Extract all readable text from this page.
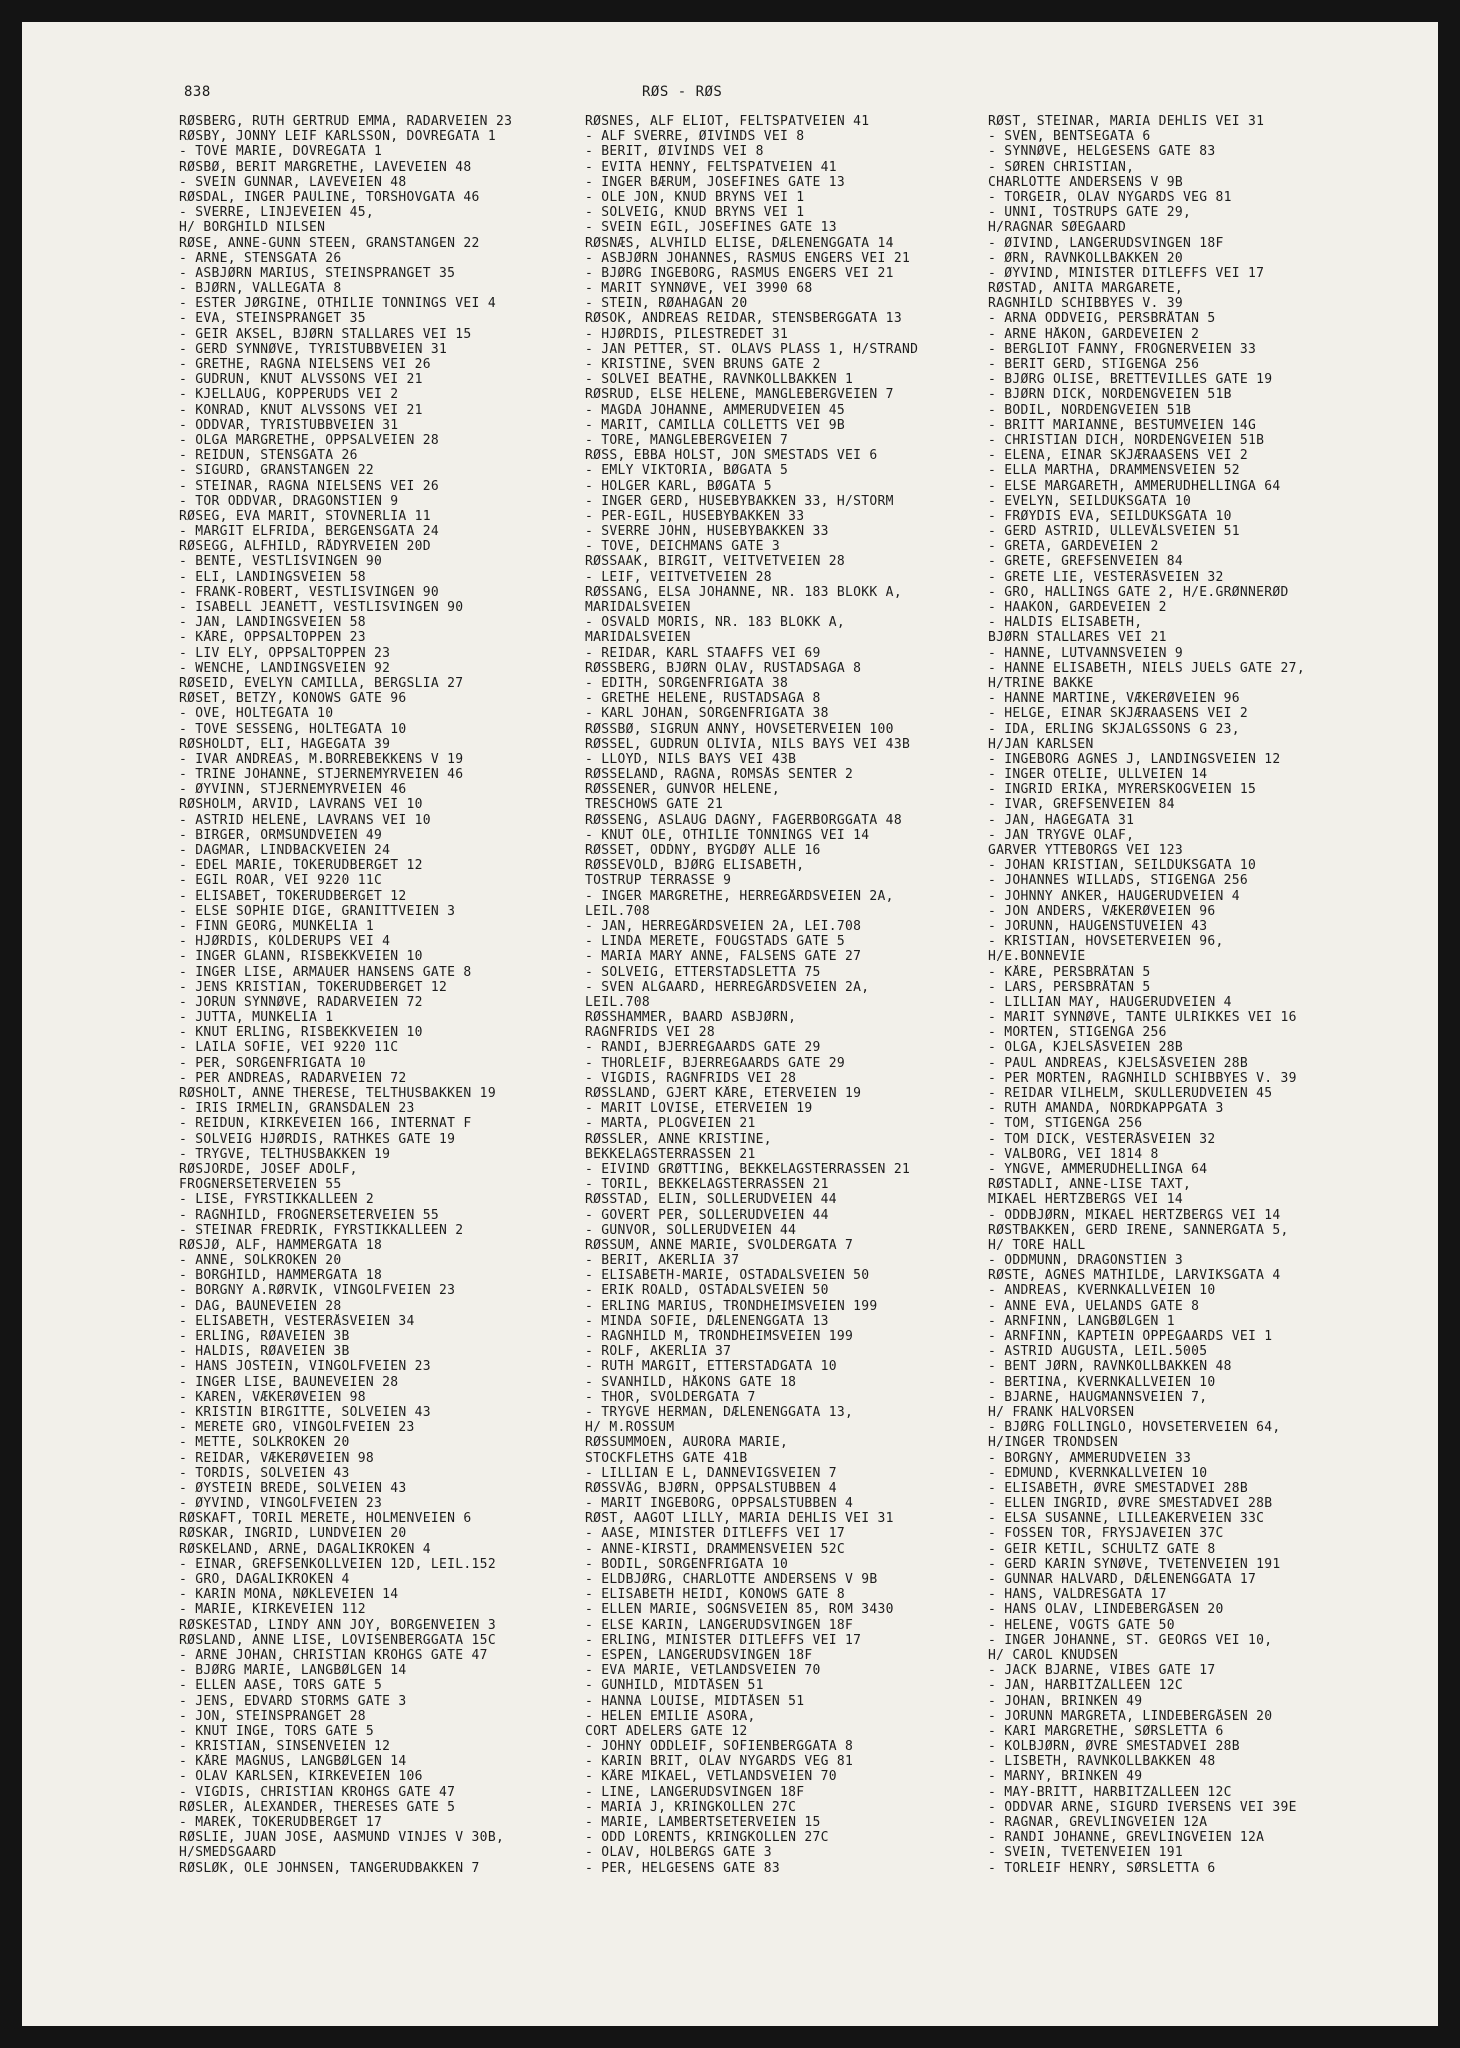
838	RØS - RØS
RØSBERG, RUTH GERTRUD EMMA, RADARVEIEN 23
RØSBY, JONNY LEIF KARLSSON, DOVREGATA 1
- TOVE MARIE, DOVREGATA 1
RØSBØ, BERIT MARGRETHE, LAVEVEIEN 48
- SVEIN GUNNAR, LAVEVEIEN 48
RØSDAL, INGER PAULINE, TORSHOVGATA 46
- SVERRE, LINJEVEIEN 45,
H/ BORGHILD NILSEN
RØSE, ANNE-GUNN STEEN, GRANSTANGEN 22
- ARNE, STENSGATA 26
- ASBJØRN MARIUS, STEINSPRANGET 35
- BJØRN, VALLEGATA 8
- ESTER JØRGINE, OTHILIE TONNINGS VEI 4
- EVA, STEINSPRANGET 35
- GEIR AKSEL, BJØRN STALLARES VEI 15
- GERD SYNNØVE, TYRISTUBBVEIEN 31
- GRETHE, RAGNA NIELSENS VEI 26
- GUDRUN, KNUT ALVSSONS VEI 21
- KJELLAUG, KOPPERUDS VEI 2
- KONRAD, KNUT ALVSSONS VEI 21
- ODDVAR, TYRISTUBBVEIEN 31
- OLGA MARGRETHE, OPPSALVEIEN 28
- REIDUN, STENSGATA 26
- SIGURD, GRANSTANGEN 22
- STEINAR, RAGNA NIELSENS VEI 26
- TOR ODDVAR, DRAGONSTIEN 9
RØSEG, EVA MARIT, STOVNERLIA 11
- MARGIT ELFRIDA, BERGENSGATA 24
RØSEGG, ALFHILD, RÅDYRVEIEN 20D
- BENTE, VESTLISVINGEN 90
- ELI, LANDINGSVEIEN 58
- FRANK-ROBERT, VESTLISVINGEN 90
- ISABELL JEANETT, VESTLISVINGEN 90
- JAN, LANDINGSVEIEN 58
- KÅRE, OPPSALTOPPEN 23
- LIV ELY, OPPSALTOPPEN 23
- WENCHE, LANDINGSVEIEN 92
RØSEID, EVELYN CAMILLA, BERGSLIA 27
RØSET, BETZY, KONOWS GATE 96
- OVE, HOLTEGATA 10
- TOVE SESSENG, HOLTEGATA 10
RØSHOLDT, ELI, HAGEGATA 39
- IVAR ANDREAS, M.BORREBEKKENS V 19
- TRINE JOHANNE, STJERNEMYRVEIEN 46
- ØYVINN, STJERNEMYRVEIEN 46
RØSHOLM, ARVID, LAVRANS VEI 10
- ASTRID HELENE, LAVRANS VEI 10
- BIRGER, ORMSUNDVEIEN 49
- DAGMAR, LINDBACKVEIEN 24
- EDEL MARIE, TOKERUDBERGET 12
- EGIL ROAR, VEI 9220 11C
- ELISABET, TOKERUDBERGET 12
- ELSE SOPHIE DIGE, GRANITTVEIEN 3
- FINN GEORG, MUNKELIA 1
- HJØRDIS, KOLDERUPS VEI 4
- INGER GLANN, RISBEKKVEIEN 10
- INGER LISE, ARMAUER HANSENS GATE 8
- JENS KRISTIAN, TOKERUDBERGET 12
- JORUN SYNNØVE, RADARVEIEN 72
- JUTTA, MUNKELIA 1
- KNUT ERLING, RISBEKKVEIEN 10
- LAILA SOFIE, VEI 9220 11C
- PER, SORGENFRIGATA 10
- PER ANDREAS, RADARVEIEN 72
RØSHOLT, ANNE THERESE, TELTHUSBAKKEN 19
- IRIS IRMELIN, GRANSDALEN 23
- REIDUN, KIRKEVEIEN 166, INTERNAT F
- SOLVEIG HJØRDIS, RATHKES GATE 19
- TRYGVE, TELTHUSBAKKEN 19
RØSJORDE, JOSEF ADOLF,
FROGNERSETERVEIEN 55
- LISE, FYRSTIKKALLEEN 2
- RAGNHILD, FROGNERSETERVEIEN 55
- STEINAR FREDRIK, FYRSTIKKALLEEN 2
RØSJØ, ALF, HAMMERGATA 18
- ANNE, SOLKROKEN 20
- BORGHILD, HAMMERGATA 18
- BORGNY A.RØRVIK, VINGOLFVEIEN 23
- DAG, BAUNEVEIEN 28
- ELISABETH, VESTERÅSVEIEN 34
- ERLING, RØAVEIEN 3B
- HALDIS, RØAVEIEN 3B
- HANS JOSTEIN, VINGOLFVEIEN 23
- INGER LISE, BAUNEVEIEN 28
- KAREN, VÆKERØVEIEN 98
- KRISTIN BIRGITTE, SOLVEIEN 43
- MERETE GRO, VINGOLFVEIEN 23
- METTE, SOLKROKEN 20
- REIDAR, VÆKERØVEIEN 98
- TORDIS, SOLVEIEN 43
- ØYSTEIN BREDE, SOLVEIEN 43
- ØYVIND, VINGOLFVEIEN 23
RØSKAFT, TORIL MERETE, HOLMENVEIEN 6
RØSKAR, INGRID, LUNDVEIEN 20
RØSKELAND, ARNE, DAGALIKROKEN 4
- EINAR, GREFSENKOLLVEIEN 12D, LEIL.152
- GRO, DAGALIKROKEN 4
- KARIN MONA, NØKLEVEIEN 14
- MARIE, KIRKEVEIEN 112
RØSKESTAD, LINDY ANN JOY, BORGENVEIEN 3
RØSLAND, ANNE LISE, LOVISENBERGGATA 15C
- ARNE JOHAN, CHRISTIAN KROHGS GATE 47
- BJØRG MARIE, LANGBØLGEN 14
- ELLEN AASE, TORS GATE 5
- JENS, EDVARD STORMS GATE 3
- JON, STEINSPRANGET 28
- KNUT INGE, TORS GATE 5
- KRISTIAN, SINSENVEIEN 12
- KÅRE MAGNUS, LANGBØLGEN 14
- OLAV KARLSEN, KIRKEVEIEN 106
- VIGDIS, CHRISTIAN KROHGS GATE 47
RØSLER, ALEXANDER, THERESES GATE 5
- MAREK, TOKERUDBERGET 17
RØSLIE, JUAN JOSE, AASMUND VINJES V 30B,
H/SMEDSGAARD
RØSLØK, OLE JOHNSEN, TANGERUDBAKKEN 7
RØSNES, ALF ELIOT, FELTSPATVEIEN 41
- ALF SVERRE, ØIVINDS VEI 8
- BERIT, ØIVINDS VEI 8
- EVITA HENNY, FELTSPATVEIEN 41
- INGER BÆRUM, JOSEFINES GATE 13
- OLE JON, KNUD BRYNS VEI 1
- SOLVEIG, KNUD BRYNS VEI 1
- SVEIN EGIL, JOSEFINES GATE 13
RØSNÆS, ALVHILD ELISE, DÆLENENGGATA 14
- ASBJØRN JOHANNES, RASMUS ENGERS VEI 21
- BJØRG INGEBORG, RASMUS ENGERS VEI 21
- MARIT SYNNØVE, VEI 3990 68
- STEIN, RØAHAGAN 20
RØSOK, ANDREAS REIDAR, STENSBERGGATA 13
- HJØRDIS, PILESTREDET 31
- JAN PETTER, ST. OLAVS PLASS 1, H/STRAND
- KRISTINE, SVEN BRUNS GATE 2
- SOLVEI BEATHE, RAVNKOLLBAKKEN 1
RØSRUD, ELSE HELENE, MANGLEBERGVEIEN 7
- MAGDA JOHANNE, AMMERUDVEIEN 45
- MARIT, CAMILLA COLLETTS VEI 9B
- TORE, MANGLEBERGVEIEN 7
RØSS, EBBA HOLST, JON SMESTADS VEI 6
- EMLY VIKTORIA, BØGATA 5
- HOLGER KARL, BØGATA 5
- INGER GERD, HUSEBYBAKKEN 33, H/STORM
- PER-EGIL, HUSEBYBAKKEN 33
- SVERRE JOHN, HUSEBYBAKKEN 33
- TOVE, DEICHMANS GATE 3
RØSSAAK, BIRGIT, VEITVETVEIEN 28
- LEIF, VEITVETVEIEN 28
RØSSANG, ELSA JOHANNE, NR. 183 BLOKK A,
MARIDALSVEIEN
- OSVALD MORIS, NR. 183 BLOKK A,
MARIDALSVEIEN
- REIDAR, KARL STAAFFS VEI 69
RØSSBERG, BJØRN OLAV, RUSTADSAGA 8
- EDITH, SORGENFRIGATA 38
- GRETHE HELENE, RUSTADSAGA 8
- KARL JOHAN, SORGENFRIGATA 38
RØSSBØ, SIGRUN ANNY, HOVSETERVEIEN 100
RØSSEL, GUDRUN OLIVIA, NILS BAYS VEI 43B
- LLOYD, NILS BAYS VEI 43B
RØSSELAND, RAGNA, ROMSÅS SENTER 2
RØSSENER, GUNVOR HELENE,
TRESCHOWS GATE 21
RØSSENG, ASLAUG DAGNY, FAGERBORGGATA 48
- KNUT OLE, OTHILIE TONNINGS VEI 14
RØSSET, ODDNY, BYGDØY ALLE 16
RØSSEVOLD, BJØRG ELISABETH,
TOSTRUP TERRASSE 9
- INGER MARGRETHE, HERREGÅRDSVEIEN 2A,
LEIL.708
- JAN, HERREGÅRDSVEIEN 2A, LEI.708
- LINDA MERETE, FOUGSTADS GATE 5
- MARIA MARY ANNE, FALSENS GATE 27
- SOLVEIG, ETTERSTADSLETTA 75
- SVEN ALGAARD, HERREGÅRDSVEIEN 2A,
LEIL.708
RØSSHAMMER, BAARD ASBJØRN,
RAGNFRIDS VEI 28
- RANDI, BJERREGAARDS GATE 29
- THORLEIF, BJERREGAARDS GATE 29
- VIGDIS, RAGNFRIDS VEI 28
RØSSLAND, GJERT KÅRE, ETERVEIEN 19
- MARIT LOVISE, ETERVEIEN 19
- MARTA, PLOGVEIEN 21
RØSSLER, ANNE KRISTINE,
BEKKELAGSTERRASSEN 21
- EIVIND GRØTTING, BEKKELAGSTERRASSEN 21
- TORIL, BEKKELAGSTERRASSEN 21
RØSSTAD, ELIN, SOLLERUDVEIEN 44
- GOVERT PER, SOLLERUDVEIEN 44
- GUNVOR, SOLLERUDVEIEN 44
RØSSUM, ANNE MARIE, SVOLDERGATA 7
- BERIT, AKERLIA 37
- ELISABETH-MARIE, OSTADALSVEIEN 50
- ERIK ROALD, OSTADALSVEIEN 50
- ERLING MARIUS, TRONDHEIMSVEIEN 199
- MINDA SOFIE, DÆLENENGGATA 13
- RAGNHILD M, TRONDHEIMSVEIEN 199
- ROLF, AKERLIA 37
- RUTH MARGIT, ETTERSTADGATA 10
- SVANHILD, HÅKONS GATE 18
- THOR, SVOLDERGATA 7
- TRYGVE HERMAN, DÆLENENGGATA 13,
H/ M.ROSSUM
RØSSUMMOEN, AURORA MARIE,
STOCKFLETHS GATE 41B
- LILLIAN E L, DANNEVIGSVEIEN 7
RØSSVÅG, BJØRN, OPPSALSTUBBEN 4
- MARIT INGEBORG, OPPSALSTUBBEN 4
RØST, AAGOT LILLY, MARIA DEHLIS VEI 31
- AASE, MINISTER DITLEFFS VEI 17
- ANNE-KIRSTI, DRAMMENSVEIEN 52C
- BODIL, SORGENFRIGATA 10
- ELDBJØRG, CHARLOTTE ANDERSENS V 9B
- ELISABETH HEIDI, KONOWS GATE 8
- ELLEN MARIE, SOGNSVEIEN 85, ROM 3430
- ELSE KARIN, LANGERUDSVINGEN 18F
- ERLING, MINISTER DITLEFFS VEI 17
- ESPEN, LANGERUDSVINGEN 18F
- EVA MARIE, VETLANDSVEIEN 70
- GUNHILD, MIDTÅSEN 51
- HANNA LOUISE, MIDTÅSEN 51
- HELEN EMILIE ASORA,
CORT ADELERS GATE 12
- JOHNY ODDLEIF, SOFIENBERGGATA 8
- KARIN BRIT, OLAV NYGARDS VEG 81
- KÅRE MIKAEL, VETLANDSVEIEN 70
- LINE, LANGERUDSVINGEN 18F
- MARIA J, KRINGKOLLEN 27C
- MARIE, LAMBERTSETERVEIEN 15
- ODD LORENTS, KRINGKOLLEN 27C
- OLAV, HOLBERGS GATE 3
- PER, HELGESENS GATE 83
RØST, STEINAR, MARIA DEHLIS VEI 31
- SVEN, BENTSEGATA 6
- SYNNØVE, HELGESENS GATE 83
- SØREN CHRISTIAN,
CHARLOTTE ANDERSENS V 9B
- TORGEIR, OLAV NYGARDS VEG 81
- UNNI, TOSTRUPS GATE 29,
H/RAGNAR SØEGAARD
- ØIVIND, LANGERUDSVINGEN 18F
- ØRN, RAVNKOLLBAKKEN 20
- ØYVIND, MINISTER DITLEFFS VEI 17
RØSTAD, ANITA MARGARETE,
RAGNHILD SCHIBBYES V. 39
- ARNA ODDVEIG, PERSBRÅTAN 5
- ARNE HÅKON, GARDEVEIEN 2
- BERGLIOT FANNY, FROGNERVEIEN 33
- BERIT GERD, STIGENGA 256
- BJØRG OLISE, BRETTEVILLES GATE 19
- BJØRN DICK, NORDENGVEIEN 51B
- BODIL, NORDENGVEIEN 51B
- BRITT MARIANNE, BESTUMVEIEN 14G
- CHRISTIAN DICH, NORDENGVEIEN 51B
- ELENA, EINAR SKJÆRAASENS VEI 2
- ELLA MARTHA, DRAMMENSVEIEN 52
- ELSE MARGARETH, AMMERUDHELLINGA 64
- EVELYN, SEILDUKSGATA 10
- FRØYDIS EVA, SEILDUKSGATA 10
- GERD ASTRID, ULLEVÅLSVEIEN 51
- GRETA, GARDEVEIEN 2
- GRETE, GREFSENVEIEN 84
- GRETE LIE, VESTERÅSVEIEN 32
- GRO, HALLINGS GATE 2, H/E.GRØNNERØD
- HAAKON, GARDEVEIEN 2
- HALDIS ELISABETH,
BJØRN STALLARES VEI 21
- HANNE, LUTVANNSVEIEN 9
- HANNE ELISABETH, NIELS JUELS GATE 27,
H/TRINE BAKKE
- HANNE MARTINE, VÆKERØVEIEN 96
- HELGE, EINAR SKJÆRAASENS VEI 2
- IDA, ERLING SKJALGSSONS G 23,
H/JAN KARLSEN
- INGEBORG AGNES J, LANDINGSVEIEN 12
- INGER OTELIE, ULLVEIEN 14
- INGRID ERIKA, MYRERSKOGVEIEN 15
- IVAR, GREFSENVEIEN 84
- JAN, HAGEGATA 31
- JAN TRYGVE OLAF,
GARVER YTTEBORGS VEI 123
- JOHAN KRISTIAN, SEILDUKSGATA 10
- JOHANNES WILLADS, STIGENGA 256
- JOHNNY ANKER, HAUGERUDVEIEN 4
- JON ANDERS, VÆKERØVEIEN 96
- JORUNN, HAUGENSTUVEIEN 43
- KRISTIAN, HOVSETERVEIEN 96,
H/E.BONNEVIE
- KÅRE, PERSBRÅTAN 5
- LARS, PERSBRÅTAN 5
- LILLIAN MAY, HAUGERUDVEIEN 4
- MARIT SYNNØVE, TANTE ULRIKKES VEI 16
- MORTEN, STIGENGA 256
- OLGA, KJELSÅSVEIEN 28B
- PAUL ANDREAS, KJELSÅSVEIEN 28B
- PER MORTEN, RAGNHILD SCHIBBYES V. 39
- REIDAR VILHELM, SKULLERUDVEIEN 45
- RUTH AMANDA, NORDKAPPGATA 3
- TOM, STIGENGA 256
- TOM DICK, VESTERÅSVEIEN 32
- VALBORG, VEI 1814 8
- YNGVE, AMMERUDHELLINGA 64
RØSTADLI, ANNE-LISE TAXT,
MIKAEL HERTZBERGS VEI 14
- ODDBJØRN, MIKAEL HERTZBERGS VEI 14
RØSTBAKKEN, GERD IRENE, SANNERGATA 5,
H/ TORE HALL
- ODDMUNN, DRAGONSTIEN 3
RØSTE, AGNES MATHILDE, LARVIKSGATA 4
- ANDREAS, KVERNKALLVEIEN 10
- ANNE EVA, UELANDS GATE 8
- ARNFINN, LANGBØLGEN 1
- ARNFINN, KAPTEIN OPPEGAARDS VEI 1
- ASTRID AUGUSTA, LEIL.5005
- BENT JØRN, RAVNKOLLBAKKEN 48
- BERTINA, KVERNKALLVEIEN 10
- BJARNE, HAUGMANNSVEIEN 7,
H/ FRANK HALVORSEN
- BJØRG FOLLINGLO, HOVSETERVEIEN 64,
H/INGER TRONDSEN
- BORGNY, AMMERUDVEIEN 33
- EDMUND, KVERNKALLVEIEN 10
- ELISABETH, ØVRE SMESTADVEI 28B
- ELLEN INGRID, ØVRE SMESTADVEI 28B
- ELSA SUSANNE, LILLEAKERVEIEN 33C
- FOSSEN TOR, FRYSJAVEIEN 37C
- GEIR KETIL, SCHULTZ GATE 8
- GERD KARIN SYNØVE, TVETENVEIEN 191
- GUNNAR HALVARD, DÆLENENGGATA 17
- HANS, VALDRESGATA 17
- HANS OLAV, LINDEBERGÅSEN 20
- HELENE, VOGTS GATE 50
- INGER JOHANNE, ST. GEORGS VEI 10,
H/ CAROL KNUDSEN
- JACK BJARNE, VIBES GATE 17
- JAN, HARBITZALLEEN 12C
- JOHAN, BRINKEN 49
- JORUNN MARGRETA, LINDEBERGÅSEN 20
- KARI MARGRETHE, SØRSLETTA 6
- KOLBJØRN, ØVRE SMESTADVEI 28B
- LISBETH, RAVNKOLLBAKKEN 48
- MARNY, BRINKEN 49
- MAY-BRITT, HARBITZALLEEN 12C
- ODDVAR ARNE, SIGURD IVERSENS VEI 39E
- RAGNAR, GREVLINGVEIEN 12A
- RANDI JOHANNE, GREVLINGVEIEN 12A
- SVEIN, TVETENVEIEN 191
- TORLEIF HENRY, SØRSLETTA 6
